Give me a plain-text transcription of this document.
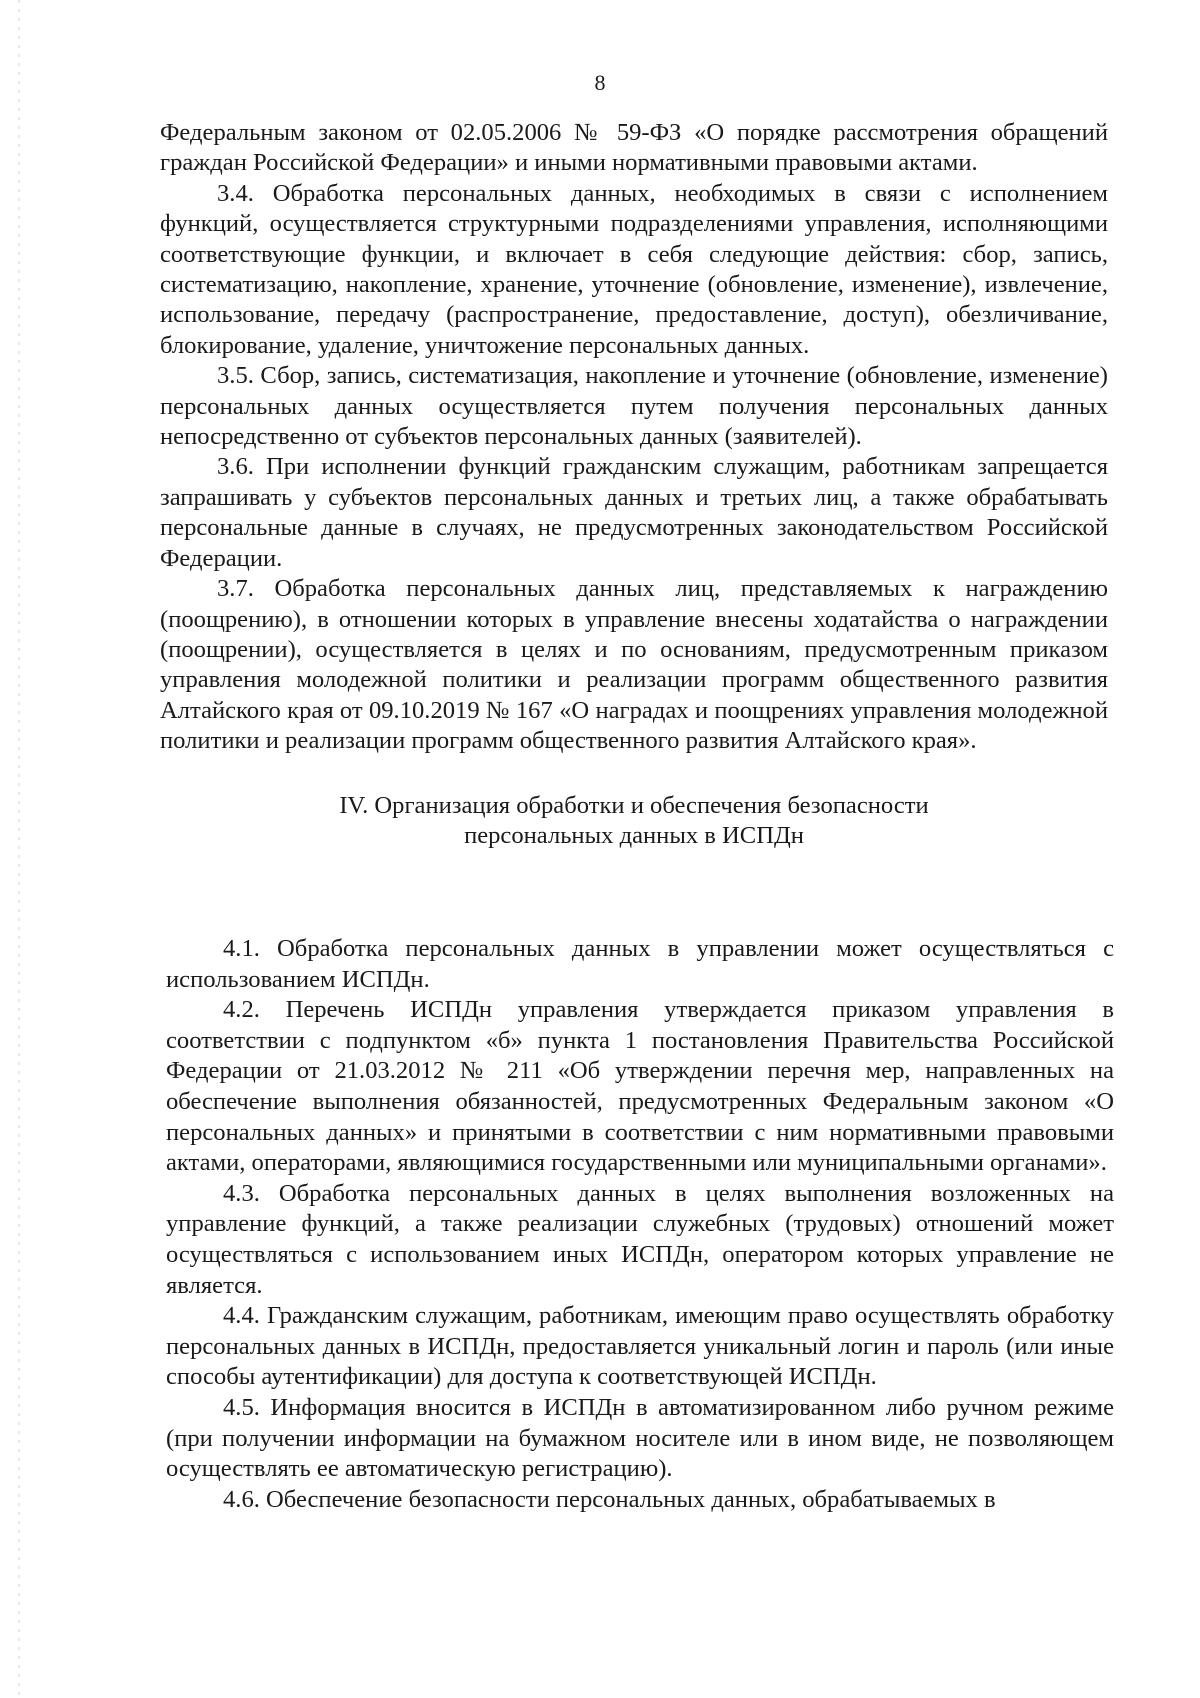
8

Федеральным законом от 02.05.2006 № 59-ФЗ «О порядке рассмотрения обращений граждан Российской Федерации» и иными нормативными правовыми актами.

3.4. Обработка персональных данных, необходимых в связи с исполнением функций, осуществляется структурными подразделениями управления, исполняющими соответствующие функции, и включает в себя следующие действия: сбор, запись, систематизацию, накопление, хранение, уточнение (обновление, изменение), извлечение, использование, передачу (распространение, предоставление, доступ), обезличивание, блокирование, удаление, уничтожение персональных данных.

3.5. Сбор, запись, систематизация, накопление и уточнение (обновление, изменение) персональных данных осуществляется путем получения персональных данных непосредственно от субъектов персональных данных (заявителей).

3.6. При исполнении функций гражданским служащим, работникам запрещается запрашивать у субъектов персональных данных и третьих лиц, а также обрабатывать персональные данные в случаях, не предусмотренных законодательством Российской Федерации.

3.7. Обработка персональных данных лиц, представляемых к награждению (поощрению), в отношении которых в управление внесены ходатайства о награждении (поощрении), осуществляется в целях и по основаниям, предусмотренным приказом управления молодежной политики и реализации программ общественного развития Алтайского края от 09.10.2019 № 167 «О наградах и поощрениях управления молодежной политики и реализации программ общественного развития Алтайского края».

IV. Организация обработки и обеспечения безопасности
персональных данных в ИСПДн

4.1. Обработка персональных данных в управлении может осуществляться с использованием ИСПДн.

4.2. Перечень ИСПДн управления утверждается приказом управления в соответствии с подпунктом «б» пункта 1 постановления Правительства Российской Федерации от 21.03.2012 № 211 «Об утверждении перечня мер, направленных на обеспечение выполнения обязанностей, предусмотренных Федеральным законом «О персональных данных» и принятыми в соответствии с ним нормативными правовыми актами, операторами, являющимися государственными или муниципальными органами».

4.3. Обработка персональных данных в целях выполнения возложенных на управление функций, а также реализации служебных (трудовых) отношений может осуществляться с использованием иных ИСПДн, оператором которых управление не является.

4.4. Гражданским служащим, работникам, имеющим право осуществлять обработку персональных данных в ИСПДн, предоставляется уникальный логин и пароль (или иные способы аутентификации) для доступа к соответствующей ИСПДн.

4.5. Информация вносится в ИСПДн в автоматизированном либо ручном режиме (при получении информации на бумажном носителе или в ином виде, не позволяющем осуществлять ее автоматическую регистрацию).

4.6. Обеспечение безопасности персональных данных, обрабатываемых в
